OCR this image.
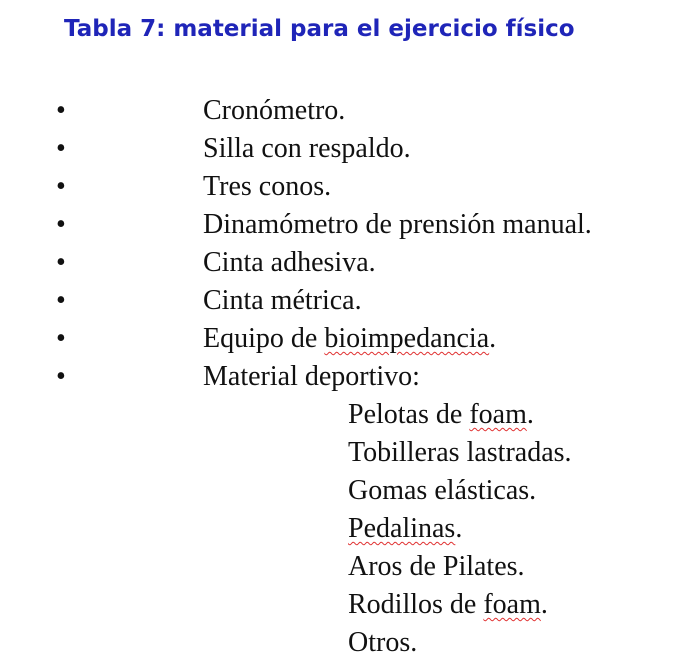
Tabla 7: material para el ejercicio físico
•	Cronómetro.
•	Silla con respaldo.
•	Tres conos.
•	Dinamómetro de prensión manual.
•	Cinta adhesiva.
•	Cinta métrica.
•	Equipo de bioimpedancia.
•	Material deportivo:
Pelotas de foam.
Tobilleras lastradas.
Gomas elásticas.
Pedalinas.
Aros de Pilates.
Rodillos de foam.
Otros.
